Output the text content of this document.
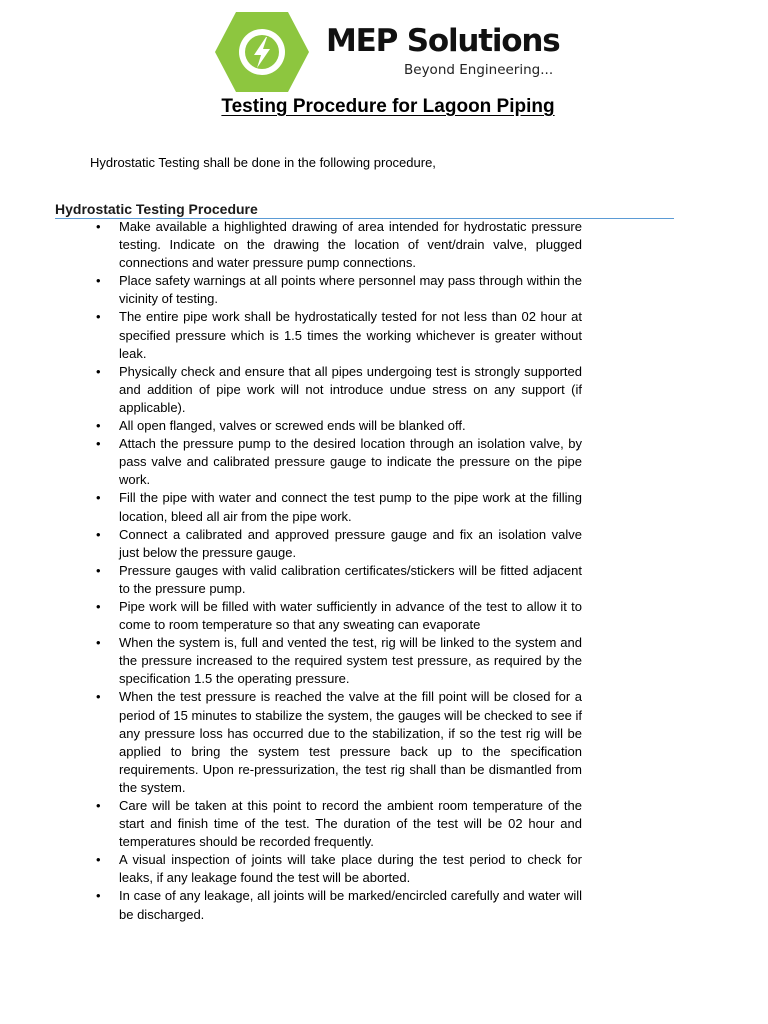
MEP Solutions
Beyond Engineering...
Testing Procedure for Lagoon Piping
Hydrostatic Testing shall be done in the following procedure,
Hydrostatic Testing Procedure
• Make available a highlighted drawing of area intended for hydrostatic pressure testing. Indicate on the drawing the location of vent/drain valve, plugged connections and water pressure pump connections.
• Place safety warnings at all points where personnel may pass through within the vicinity of testing.
• The entire pipe work shall be hydrostatically tested for not less than 02 hour at specified pressure which is 1.5 times the working whichever is greater without leak.
• Physically check and ensure that all pipes undergoing test is strongly supported and addition of pipe work will not introduce undue stress on any support (if applicable).
• All open flanged, valves or screwed ends will be blanked off.
• Attach the pressure pump to the desired location through an isolation valve, by pass valve and calibrated pressure gauge to indicate the pressure on the pipe work.
• Fill the pipe with water and connect the test pump to the pipe work at the filling location, bleed all air from the pipe work.
• Connect a calibrated and approved pressure gauge and fix an isolation valve just below the pressure gauge.
• Pressure gauges with valid calibration certificates/stickers will be fitted adjacent to the pressure pump.
• Pipe work will be filled with water sufficiently in advance of the test to allow it to come to room temperature so that any sweating can evaporate
• When the system is, full and vented the test, rig will be linked to the system and the pressure increased to the required system test pressure, as required by the specification 1.5 the operating pressure.
• When the test pressure is reached the valve at the fill point will be closed for a period of 15 minutes to stabilize the system, the gauges will be checked to see if any pressure loss has occurred due to the stabilization, if so the test rig will be applied to bring the system test pressure back up to the specification requirements. Upon re-pressurization, the test rig shall than be dismantled from the system.
• Care will be taken at this point to record the ambient room temperature of the start and finish time of the test. The duration of the test will be 02 hour and temperatures should be recorded frequently.
• A visual inspection of joints will take place during the test period to check for leaks, if any leakage found the test will be aborted.
• In case of any leakage, all joints will be marked/encircled carefully and water will be discharged.
